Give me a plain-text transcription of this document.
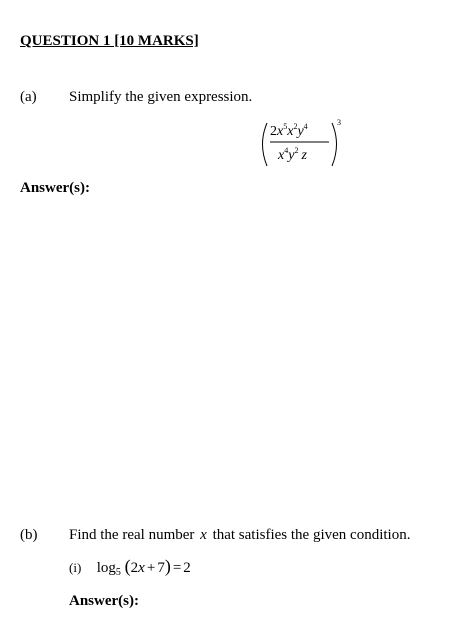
QUESTION 1 [10 MARKS]
(a) Simplify the given expression.
$2x^5x^2y^4$
$x^4y^2$ z
3
Answer(s):
(b) Find the real number x that satisfies the given condition.
(i) $\log_5 (2x + 7) = 2$
Answer(s):
